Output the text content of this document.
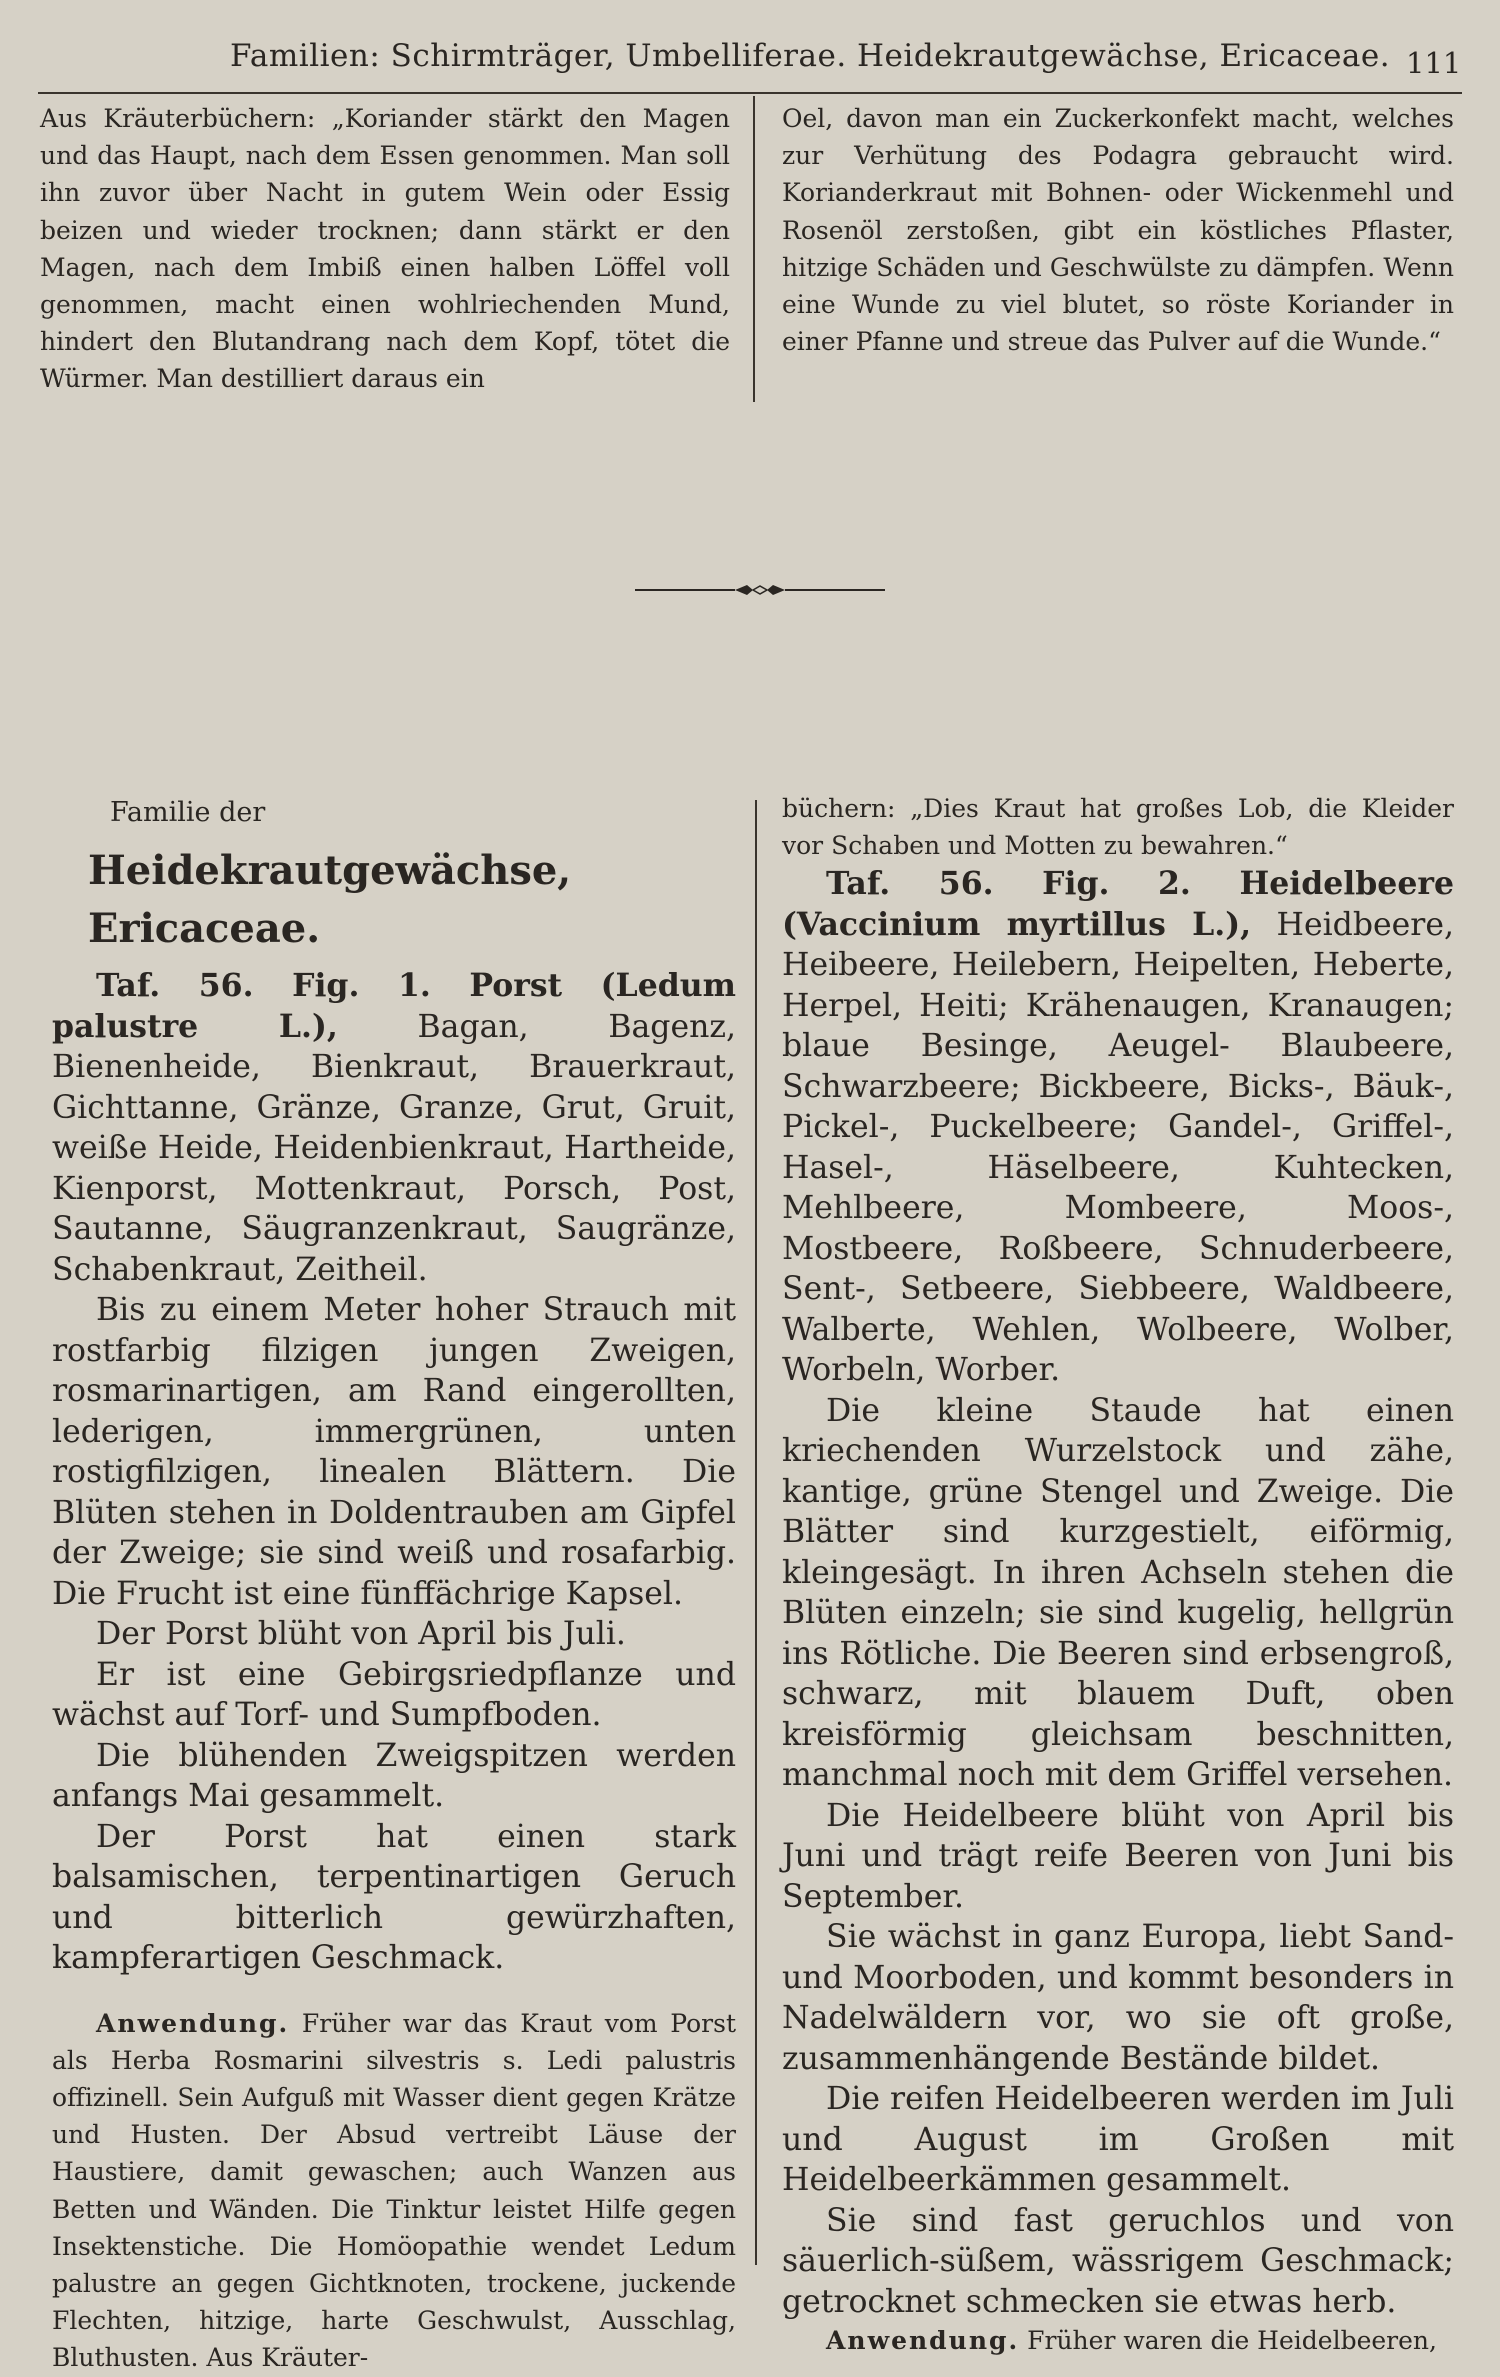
Familien: Schirmträger, Umbelliferae. Heidekrautgewächse, Ericaceae. 111

Aus Kräuterbüchern: „Koriander stärkt den Magen und das Haupt, nach dem Essen genommen. Man soll ihn zuvor über Nacht in gutem Wein oder Essig beizen und wieder trocknen; dann stärkt er den Magen, nach dem Imbiß einen halben Löffel voll genommen, macht einen wohlriechenden Mund, hindert den Blutandrang nach dem Kopf, tötet die Würmer. Man destilliert daraus ein

Oel, davon man ein Zuckerkonfekt macht, welches zur Verhütung des Podagra gebraucht wird. Korianderkraut mit Bohnen- oder Wickenmehl und Rosenöl zerstoßen, gibt ein köstliches Pflaster, hitzige Schäden und Geschwülste zu dämpfen. Wenn eine Wunde zu viel blutet, so röste Koriander in einer Pfanne und streue das Pulver auf die Wunde.“

Familie der
Heidekrautgewächse, Ericaceae.

Taf. 56. Fig. 1. Porst (Ledum palustre L.),	Bagan, Bagenz, Bienenheide, Bienkraut, Brauerkraut, Gichttanne, Gränze, Granze, Grut, Gruit, weiße Heide, Heidenbienkraut, Hartheide, Kienporst, Mottenkraut, Porsch, Post, Sautanne, Säugranzenkraut, Saugränze, Schabenkraut, Zeitheil.

Bis zu einem Meter hoher Strauch mit rostfarbig filzigen jungen Zweigen, rosmarinartigen, am Rand eingerollten, lederigen, immergrünen, unten rostigfilzigen, linealen Blättern. Die Blüten stehen in Doldentrauben am Gipfel der Zweige; sie sind weiß und rosafarbig. Die Frucht ist eine fünffächrige Kapsel.

Der Porst blüht von April bis Juli.

Er ist eine Gebirgsriedpflanze und wächst auf Torf- und Sumpfboden.

Die blühenden Zweigspitzen werden anfangs Mai gesammelt.

Der Porst hat einen stark balsamischen, terpentinartigen Geruch und bitterlich gewürzhaften, kampferartigen Geschmack.

Anwendung. Früher war das Kraut vom Porst als Herba Rosmarini silvestris s. Ledi palustris offizinell. Sein Aufguß mit Wasser dient gegen Krätze und Husten. Der Absud vertreibt Läuse der Haustiere, damit gewaschen; auch Wanzen aus Betten und Wänden. Die Tinktur leistet Hilfe gegen Insektenstiche. Die Homöopathie wendet Ledum palustre an gegen Gichtknoten, trockene, juckende Flechten, hitzige, harte Geschwulst, Ausschlag, Bluthusten. Aus Kräuter-

büchern: „Dies Kraut hat großes Lob, die Kleider vor Schaben und Motten zu bewahren.“

Taf. 56. Fig. 2. Heidelbeere (Vaccinium myrtillus L.), Heidbeere, Heibeere, Heilebern, Heipelten, Heberte, Herpel, Heiti; Krähenaugen, Kranaugen; blaue Besinge, Aeugel- Blaubeere, Schwarzbeere; Bickbeere, Bicks-, Bäuk-, Pickel-, Puckelbeere; Gandel-, Griffel-, Hasel-, Häselbeere, Kuhtecken, Mehlbeere, Mombeere, Moos-, Mostbeere, Roßbeere, Schnuderbeere, Sent-, Setbeere, Siebbeere, Waldbeere, Walberte, Wehlen, Wolbeere, Wolber, Worbeln, Worber.

Die kleine Staude hat einen kriechenden Wurzelstock und zähe, kantige, grüne Stengel und Zweige. Die Blätter sind kurzgestielt, eiförmig, kleingesägt. In ihren Achseln stehen die Blüten einzeln; sie sind kugelig, hellgrün ins Rötliche. Die Beeren sind erbsengroß, schwarz, mit blauem Duft, oben kreisförmig gleichsam beschnitten, manchmal noch mit dem Griffel versehen.

Die Heidelbeere blüht von April bis Juni und trägt reife Beeren von Juni bis September.

Sie wächst in ganz Europa, liebt Sand- und Moorboden, und kommt besonders in Nadelwäldern vor, wo sie oft große, zusammenhängende Bestände bildet.

Die reifen Heidelbeeren werden im Juli und August im Großen mit Heidelbeerkämmen gesammelt.

Sie sind fast geruchlos und von säuerlich-süßem, wässrigem Geschmack; getrocknet schmecken sie etwas herb.

Anwendung. Früher waren die Heidelbeeren,
